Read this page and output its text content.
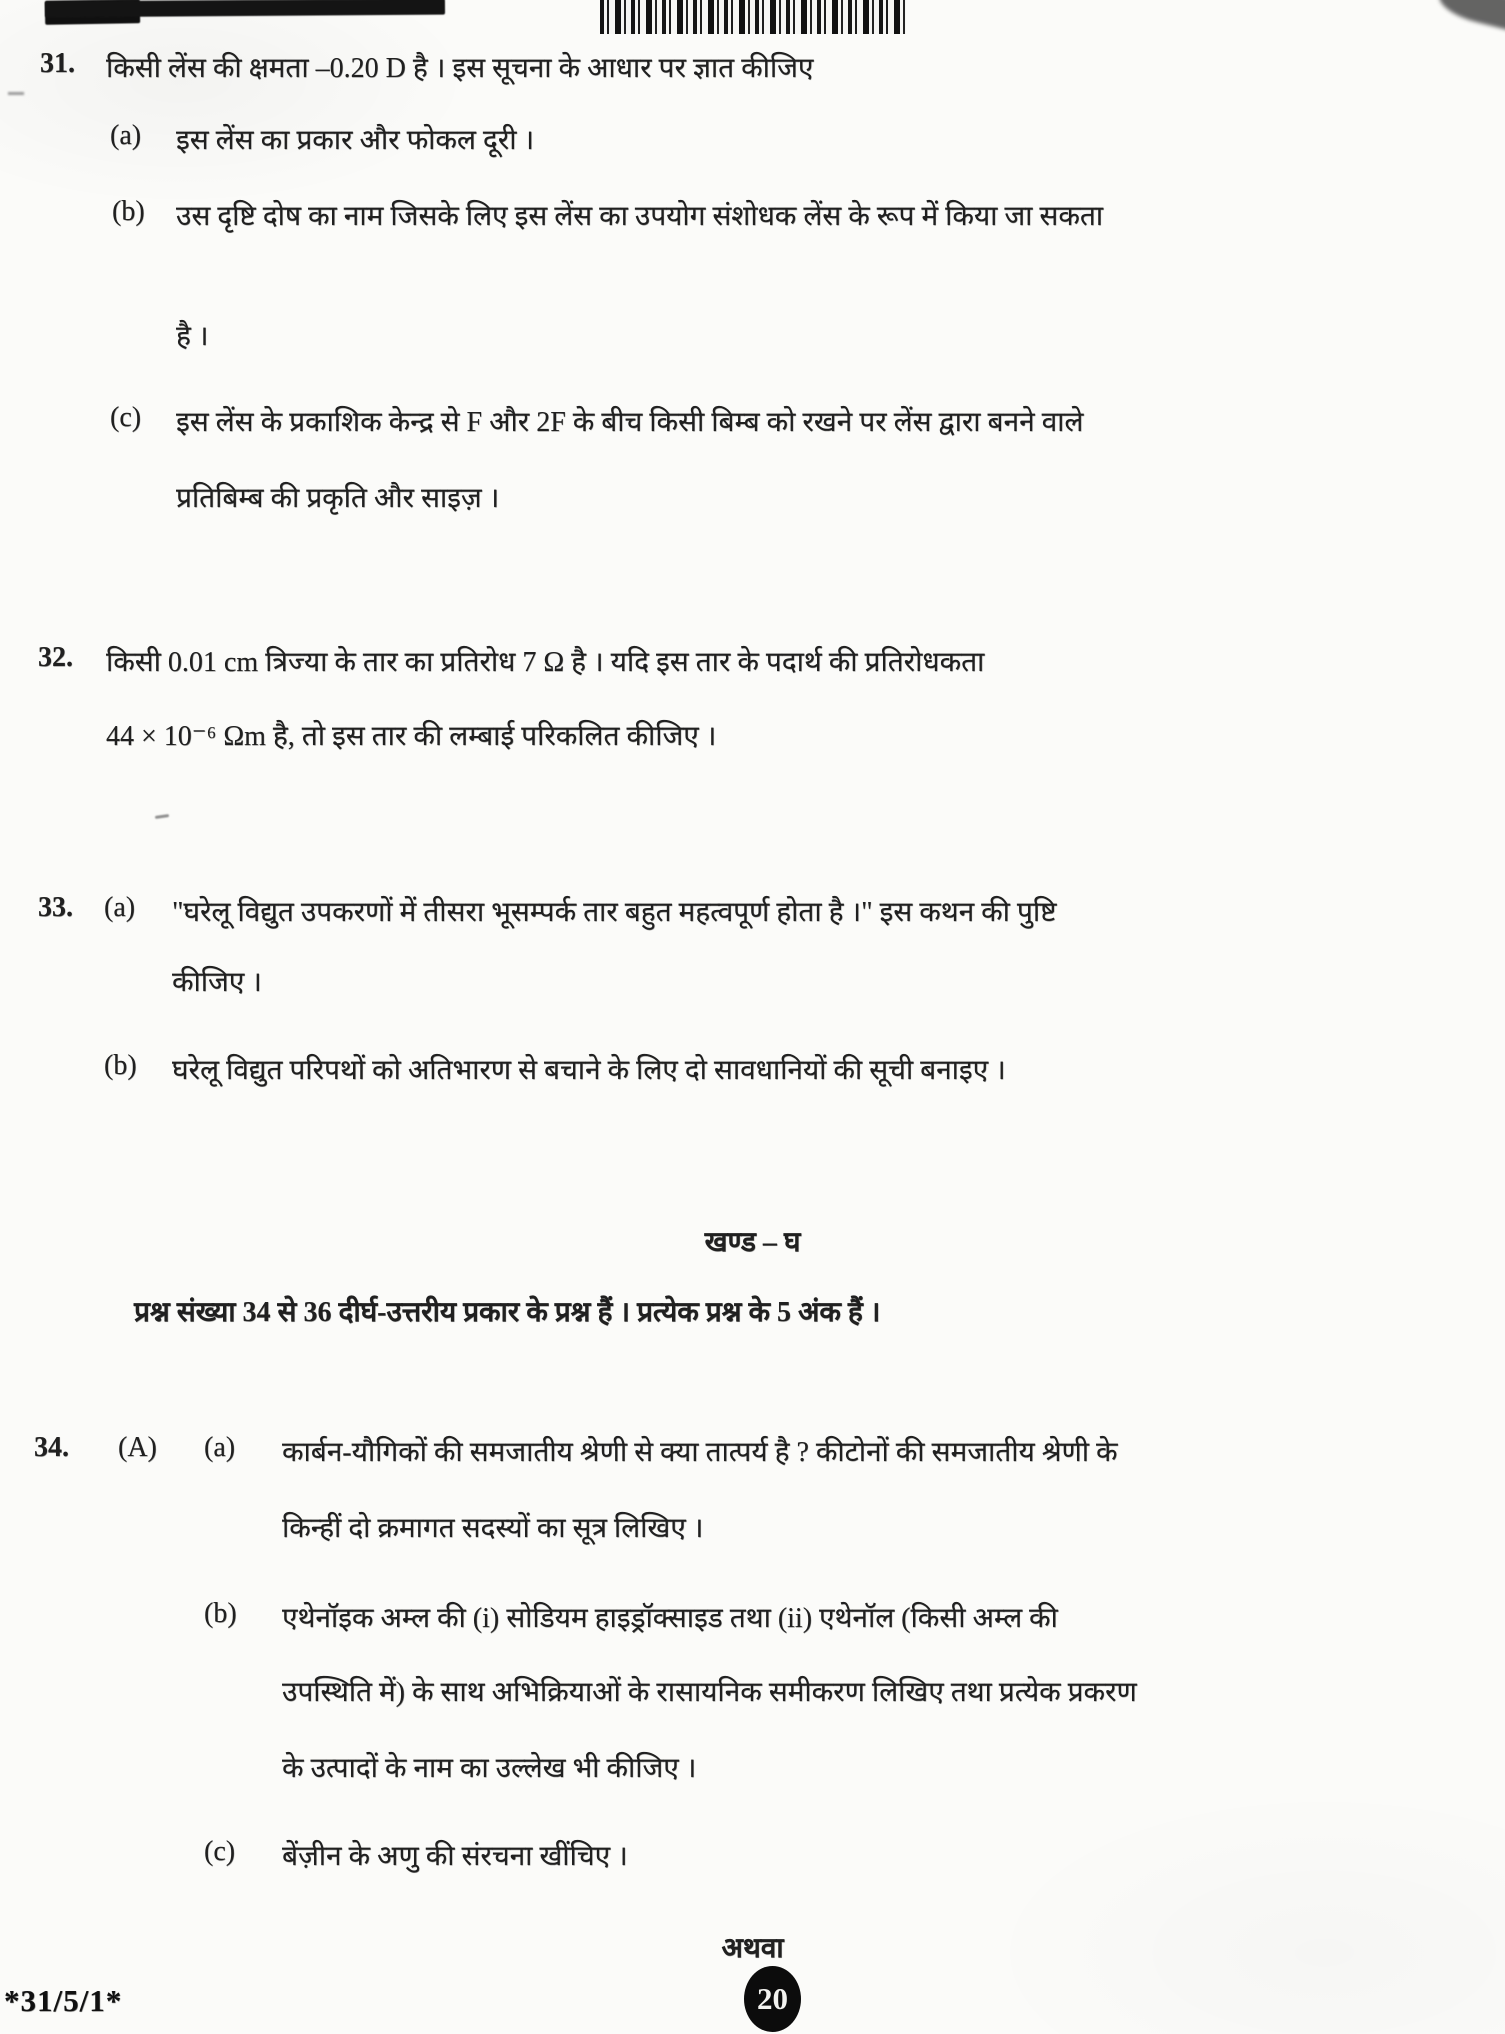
31. किसी लेंस की क्षमता –0.20 D है । इस सूचना के आधार पर ज्ञात कीजिए
(a) इस लेंस का प्रकार और फोकल दूरी ।
(b) उस दृष्टि दोष का नाम जिसके लिए इस लेंस का उपयोग संशोधक लेंस के रूप में किया जा सकता
है ।
(c) इस लेंस के प्रकाशिक केन्द्र से F और 2F के बीच किसी बिम्ब को रखने पर लेंस द्वारा बनने वाले
प्रतिबिम्ब की प्रकृति और साइज़ ।
32. किसी 0.01 cm त्रिज्या के तार का प्रतिरोध 7 Ω है । यदि इस तार के पदार्थ की प्रतिरोधकता
44 × 10⁻⁶ Ωm है, तो इस तार की लम्बाई परिकलित कीजिए ।
33. (a) "घरेलू विद्युत उपकरणों में तीसरा भूसम्पर्क तार बहुत महत्वपूर्ण होता है ।" इस कथन की पुष्टि
कीजिए ।
(b) घरेलू विद्युत परिपथों को अतिभारण से बचाने के लिए दो सावधानियों की सूची बनाइए ।
खण्ड – घ
प्रश्न संख्या 34 से 36 दीर्घ-उत्तरीय प्रकार के प्रश्न हैं । प्रत्येक प्रश्न के 5 अंक हैं ।
34. (A) (a) कार्बन-यौगिकों की समजातीय श्रेणी से क्या तात्पर्य है ? कीटोनों की समजातीय श्रेणी के
किन्हीं दो क्रमागत सदस्यों का सूत्र लिखिए ।
(b) एथेनॉइक अम्ल की (i) सोडियम हाइड्रॉक्साइड तथा (ii) एथेनॉल (किसी अम्ल की
उपस्थिति में) के साथ अभिक्रियाओं के रासायनिक समीकरण लिखिए तथा प्रत्येक प्रकरण
के उत्पादों के नाम का उल्लेख भी कीजिए ।
(c) बेंज़ीन के अणु की संरचना खींचिए ।
अथवा
*31/5/1*	20
